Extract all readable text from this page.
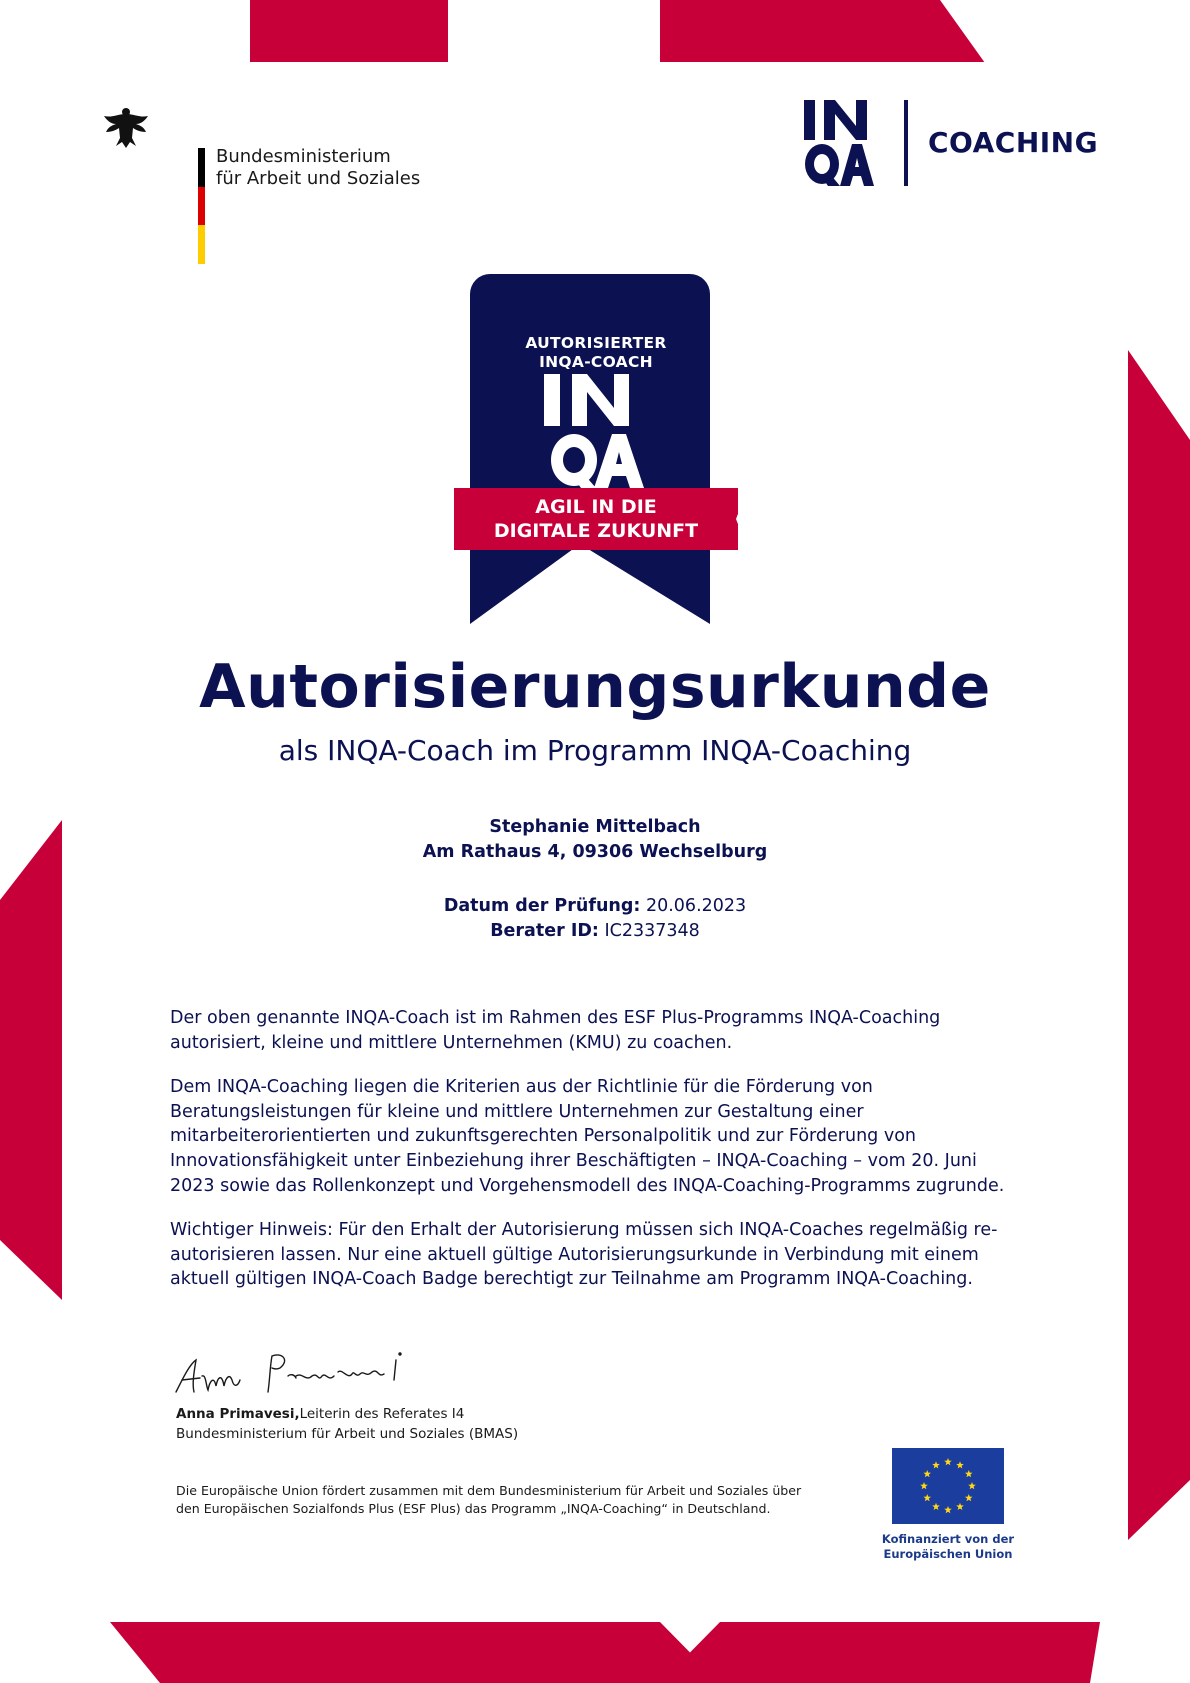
Bundesministerium
für Arbeit und Soziales
COACHING
AUTORISIERTER
INQA-COACH
AGIL IN DIE
DIGITALE ZUKUNFT
2023
–
2024
Autorisierungsurkunde
als INQA-Coach im Programm INQA-Coaching
Stephanie Mittelbach
Am Rathaus 4, 09306 Wechselburg
Datum der Prüfung: 20.06.2023
Berater ID: IC2337348

Der oben genannte INQA-Coach ist im Rahmen des ESF Plus-Programms INQA-Coaching autorisiert, kleine und mittlere Unternehmen (KMU) zu coachen.

Dem INQA-Coaching liegen die Kriterien aus der Richtlinie für die Förderung von Beratungsleistungen für kleine und mittlere Unternehmen zur Gestaltung einer mitarbeiterorientierten und zukunftsgerechten Personalpolitik und zur Förderung von Innovationsfähigkeit unter Einbeziehung ihrer Beschäftigten – INQA-Coaching – vom 20. Juni 2023 sowie das Rollenkonzept und Vorgehensmodell des INQA-Coaching-Programms zugrunde.

Wichtiger Hinweis: Für den Erhalt der Autorisierung müssen sich INQA-Coaches regelmäßig re-autorisieren lassen. Nur eine aktuell gültige Autorisierungsurkunde in Verbindung mit einem aktuell gültigen INQA-Coach Badge berechtigt zur Teilnahme am Programm INQA-Coaching.

Anna Primavesi,Leiterin des Referates I4
Bundesministerium für Arbeit und Soziales (BMAS)
Die Europäische Union fördert zusammen mit dem Bundesministerium für Arbeit und Soziales über
den Europäischen Sozialfonds Plus (ESF Plus) das Programm „INQA-Coaching“ in Deutschland.
Kofinanziert von der
Europäischen Union
